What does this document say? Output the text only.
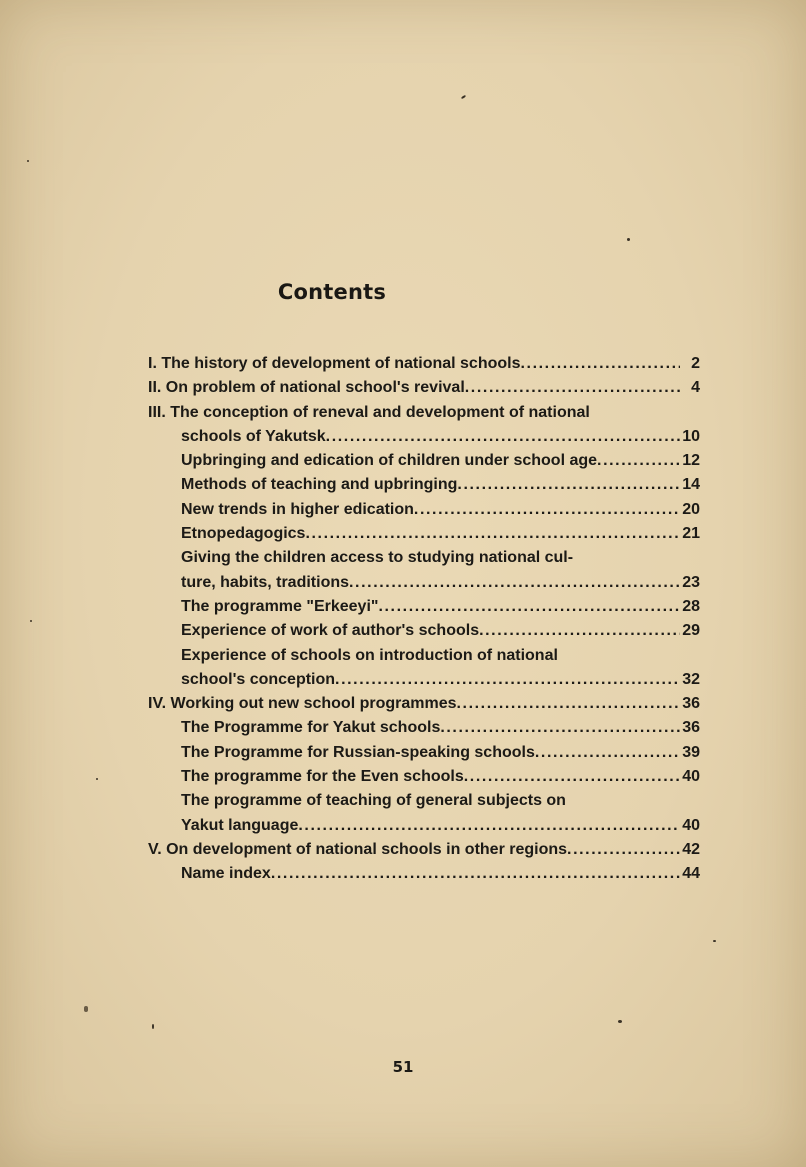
Contents
I. The history of development of national schools .....	2
II. On problem of national school's revival .....	4
III. The conception of reneval and development of national
schools of Yakutsk .....	10
Upbringing and edication of children under school age .....	12
Methods of teaching and upbringing .....	14
New trends in higher edication .....	20
Etnopedagogics .....	21
Giving the children access to studying national cul-
ture, habits, traditions .....	23
The programme "Erkeeyi" .....	28
Experience of work of author's schools .....	29
Experience of schools on introduction of national
school's conception .....	32
IV. Working out new school programmes .....	36
The Programme for Yakut schools .....	36
The Programme for Russian-speaking schools .....	39
The programme for the Even schools .....	40
The programme of teaching of general subjects on
Yakut language .....	40
V. On development of national schools in other regions .....	42
Name index .....	44
51
